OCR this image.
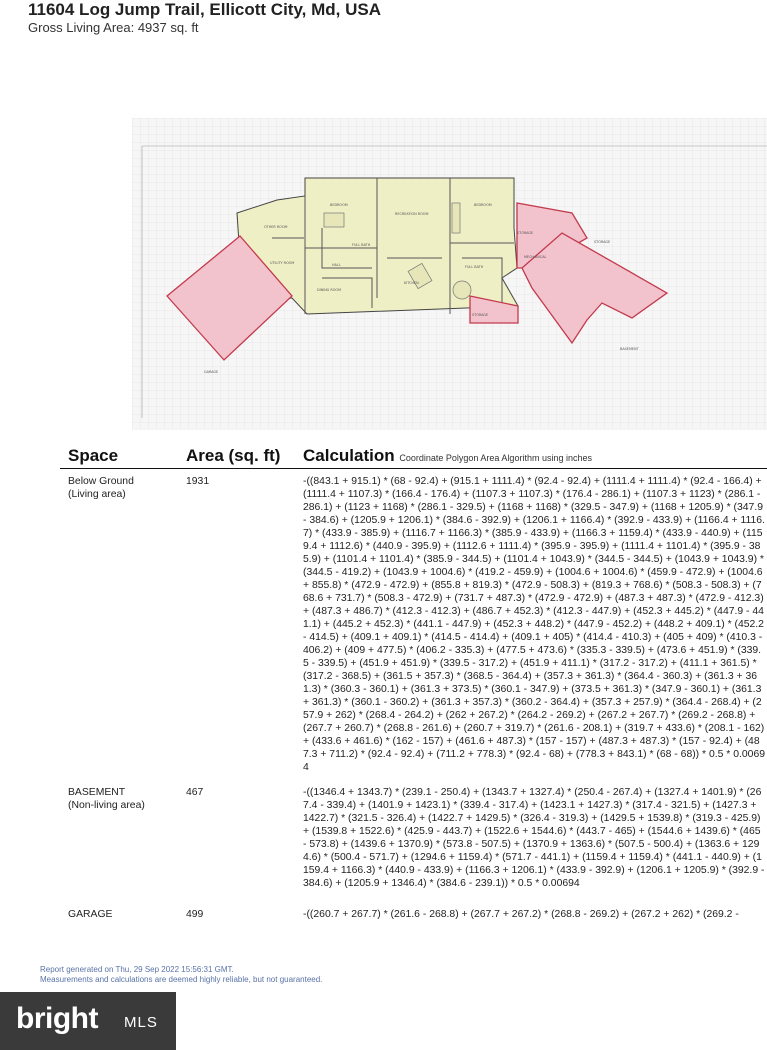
11604 Log Jump Trail, Ellicott City, Md, USA
Gross Living Area: 4937 sq. ft
BEDROOM
RECREATION ROOM
BEDROOM
OTHER ROOM
FULL BATH
STORAGE
UTILITY ROOM	HALL	FULL BATH
STORAGE
DINING ROOM
KITCHEN
MECHANICAL
BASEMENT
GARAGE
STORAGE
Space	Area (sq. ft) Calculation Coordinate Polygon Area Algorithm using inches
Below Ground
(Living area)
1931	-((843.1 + 915.1) * (68 - 92.4) + (915.1 + 1111.4) * (92.4 - 92.4) + (1111.4 + 1111.4) * (92.4 - 166.4) + (1111.4 + 1107.3) * (166.4 - 176.4) + (1107.3 + 1107.3) * (176.4 - 286.1) + (1107.3 + 1123) * (286.1 - 286.1) + (1123 + 1168) * (286.1 - 329.5) + (1168 + 1168) * (329.5 - 347.9) + (1168 + 1205.9) * (347.9 - 384.6) + (1205.9 + 1206.1) * (384.6 - 392.9) + (1206.1 + 1166.4) * (392.9 - 433.9) + (1166.4 + 1116.7) * (433.9 - 385.9) + (1116.7 + 1166.3) * (385.9 - 433.9) + (1166.3 + 1159.4) * (433.9 - 440.9) + (1159.4 + 1112.6) * (440.9 - 395.9) + (1112.6 + 1111.4) * (395.9 - 395.9) + (1111.4 + 1101.4) * (395.9 - 385.9) + (1101.4 + 1101.4) * (385.9 - 344.5) + (1101.4 + 1043.9) * (344.5 - 344.5) + (1043.9 + 1043.9) * (344.5 - 419.2) + (1043.9 + 1004.6) * (419.2 - 459.9) + (1004.6 + 1004.6) * (459.9 - 472.9) + (1004.6 + 855.8) * (472.9 - 472.9) + (855.8 + 819.3) * (472.9 - 508.3) + (819.3 + 768.6) * (508.3 - 508.3) + (768.6 + 731.7) * (508.3 - 472.9) + (731.7 + 487.3) * (472.9 - 472.9) + (487.3 + 487.3) * (472.9 - 412.3) + (487.3 + 486.7) * (412.3 - 412.3) + (486.7 + 452.3) * (412.3 - 447.9) + (452.3 + 445.2) * (447.9 - 441.1) + (445.2 + 452.3) * (441.1 - 447.9) + (452.3 + 448.2) * (447.9 - 452.2) + (448.2 + 409.1) * (452.2 - 414.5) + (409.1 + 409.1) * (414.5 - 414.4) + (409.1 + 405) * (414.4 - 410.3) + (405 + 409) * (410.3 - 406.2) + (409 + 477.5) * (406.2 - 335.3) + (477.5 + 473.6) * (335.3 - 339.5) + (473.6 + 451.9) * (339.5 - 339.5) + (451.9 + 451.9) * (339.5 - 317.2) + (451.9 + 411.1) * (317.2 - 317.2) + (411.1 + 361.5) * (317.2 - 368.5) + (361.5 + 357.3) * (368.5 - 364.4) + (357.3 + 361.3) * (364.4 - 360.3) + (361.3 + 361.3) * (360.3 - 360.1) + (361.3 + 373.5) * (360.1 - 347.9) + (373.5 + 361.3) * (347.9 - 360.1) + (361.3 + 361.3) * (360.1 - 360.2) + (361.3 + 357.3) * (360.2 - 364.4) + (357.3 + 257.9) * (364.4 - 268.4) + (257.9 + 262) * (268.4 - 264.2) + (262 + 267.2) * (264.2 - 269.2) + (267.2 + 267.7) * (269.2 - 268.8) + (267.7 + 260.7) * (268.8 - 261.6) + (260.7 + 319.7) * (261.6 - 208.1) + (319.7 + 433.6) * (208.1 - 162) + (433.6 + 461.6) * (162 - 157) + (461.6 + 487.3) * (157 - 157) + (487.3 + 487.3) * (157 - 92.4) + (487.3 + 711.2) * (92.4 - 92.4) + (711.2 + 778.3) * (92.4 - 68) + (778.3 + 843.1) * (68 - 68)) * 0.5 * 0.00694
BASEMENT
(Non-living area)
467	-((1346.4 + 1343.7) * (239.1 - 250.4) + (1343.7 + 1327.4) * (250.4 - 267.4) + (1327.4 + 1401.9) * (267.4 - 339.4) + (1401.9 + 1423.1) * (339.4 - 317.4) + (1423.1 + 1427.3) * (317.4 - 321.5) + (1427.3 + 1422.7) * (321.5 - 326.4) + (1422.7 + 1429.5) * (326.4 - 319.3) + (1429.5 + 1539.8) * (319.3 - 425.9) + (1539.8 + 1522.6) * (425.9 - 443.7) + (1522.6 + 1544.6) * (443.7 - 465) + (1544.6 + 1439.6) * (465 - 573.8) + (1439.6 + 1370.9) * (573.8 - 507.5) + (1370.9 + 1363.6) * (507.5 - 500.4) + (1363.6 + 1294.6) * (500.4 - 571.7) + (1294.6 + 1159.4) * (571.7 - 441.1) + (1159.4 + 1159.4) * (441.1 - 440.9) + (1159.4 + 1166.3) * (440.9 - 433.9) + (1166.3 + 1206.1) * (433.9 - 392.9) + (1206.1 + 1205.9) * (392.9 - 384.6) + (1205.9 + 1346.4) * (384.6 - 239.1)) * 0.5 * 0.00694
GARAGE	499	-((260.7 + 267.7) * (261.6 - 268.8) + (267.7 + 267.2) * (268.8 - 269.2) + (267.2 + 262) * (269.2 -
Report generated on Thu, 29 Sep 2022 15:56:31 GMT.
Measurements and calculations are deemed highly reliable, but not guaranteed.
bright MLS
